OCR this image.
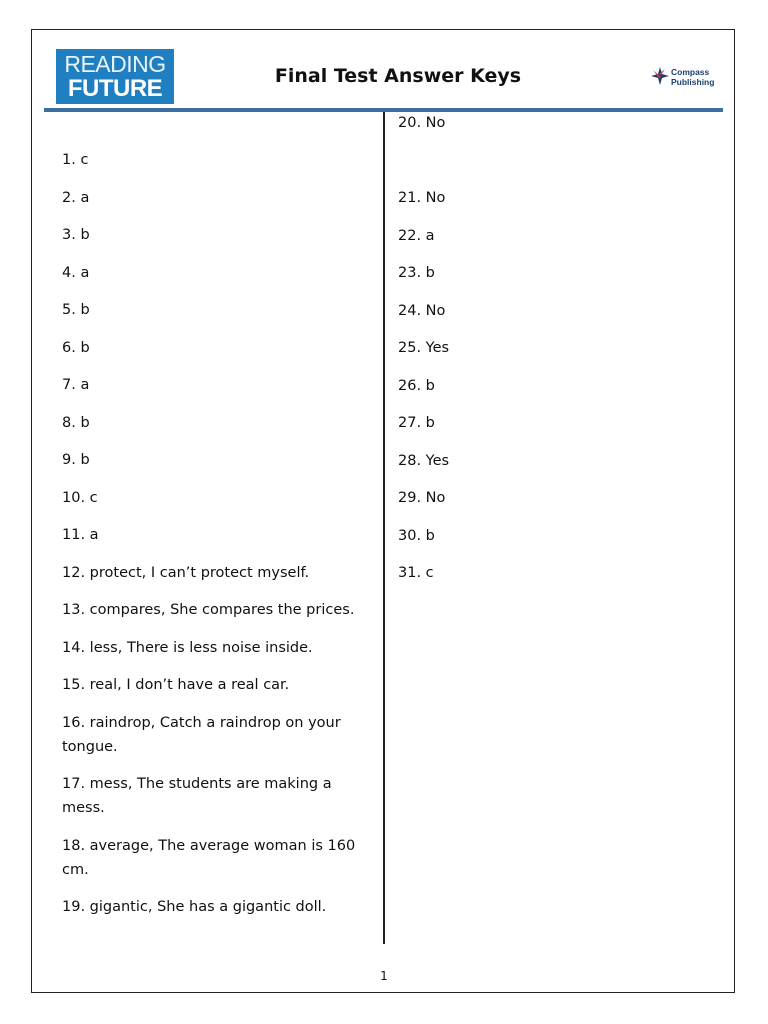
READING
FUTURE	Final Test Answer Keys	Compass
Publishing
1. c
2. a
3. b
4. a
5. b
6. b
7. a
8. b
9. b
10. c
11. a
12. protect, I can’t protect myself.
13. compares, She compares the prices.
14. less, There is less noise inside.
15. real, I don’t have a real car.
16. raindrop, Catch a raindrop on your tongue.
17. mess, The students are making a mess.
18. average, The average woman is 160 cm.
19. gigantic, She has a gigantic doll.
20. No
21. No
22. a
23. b
24. No
25. Yes
26. b
27. b
28. Yes
29. No
30. b
31. c
1
